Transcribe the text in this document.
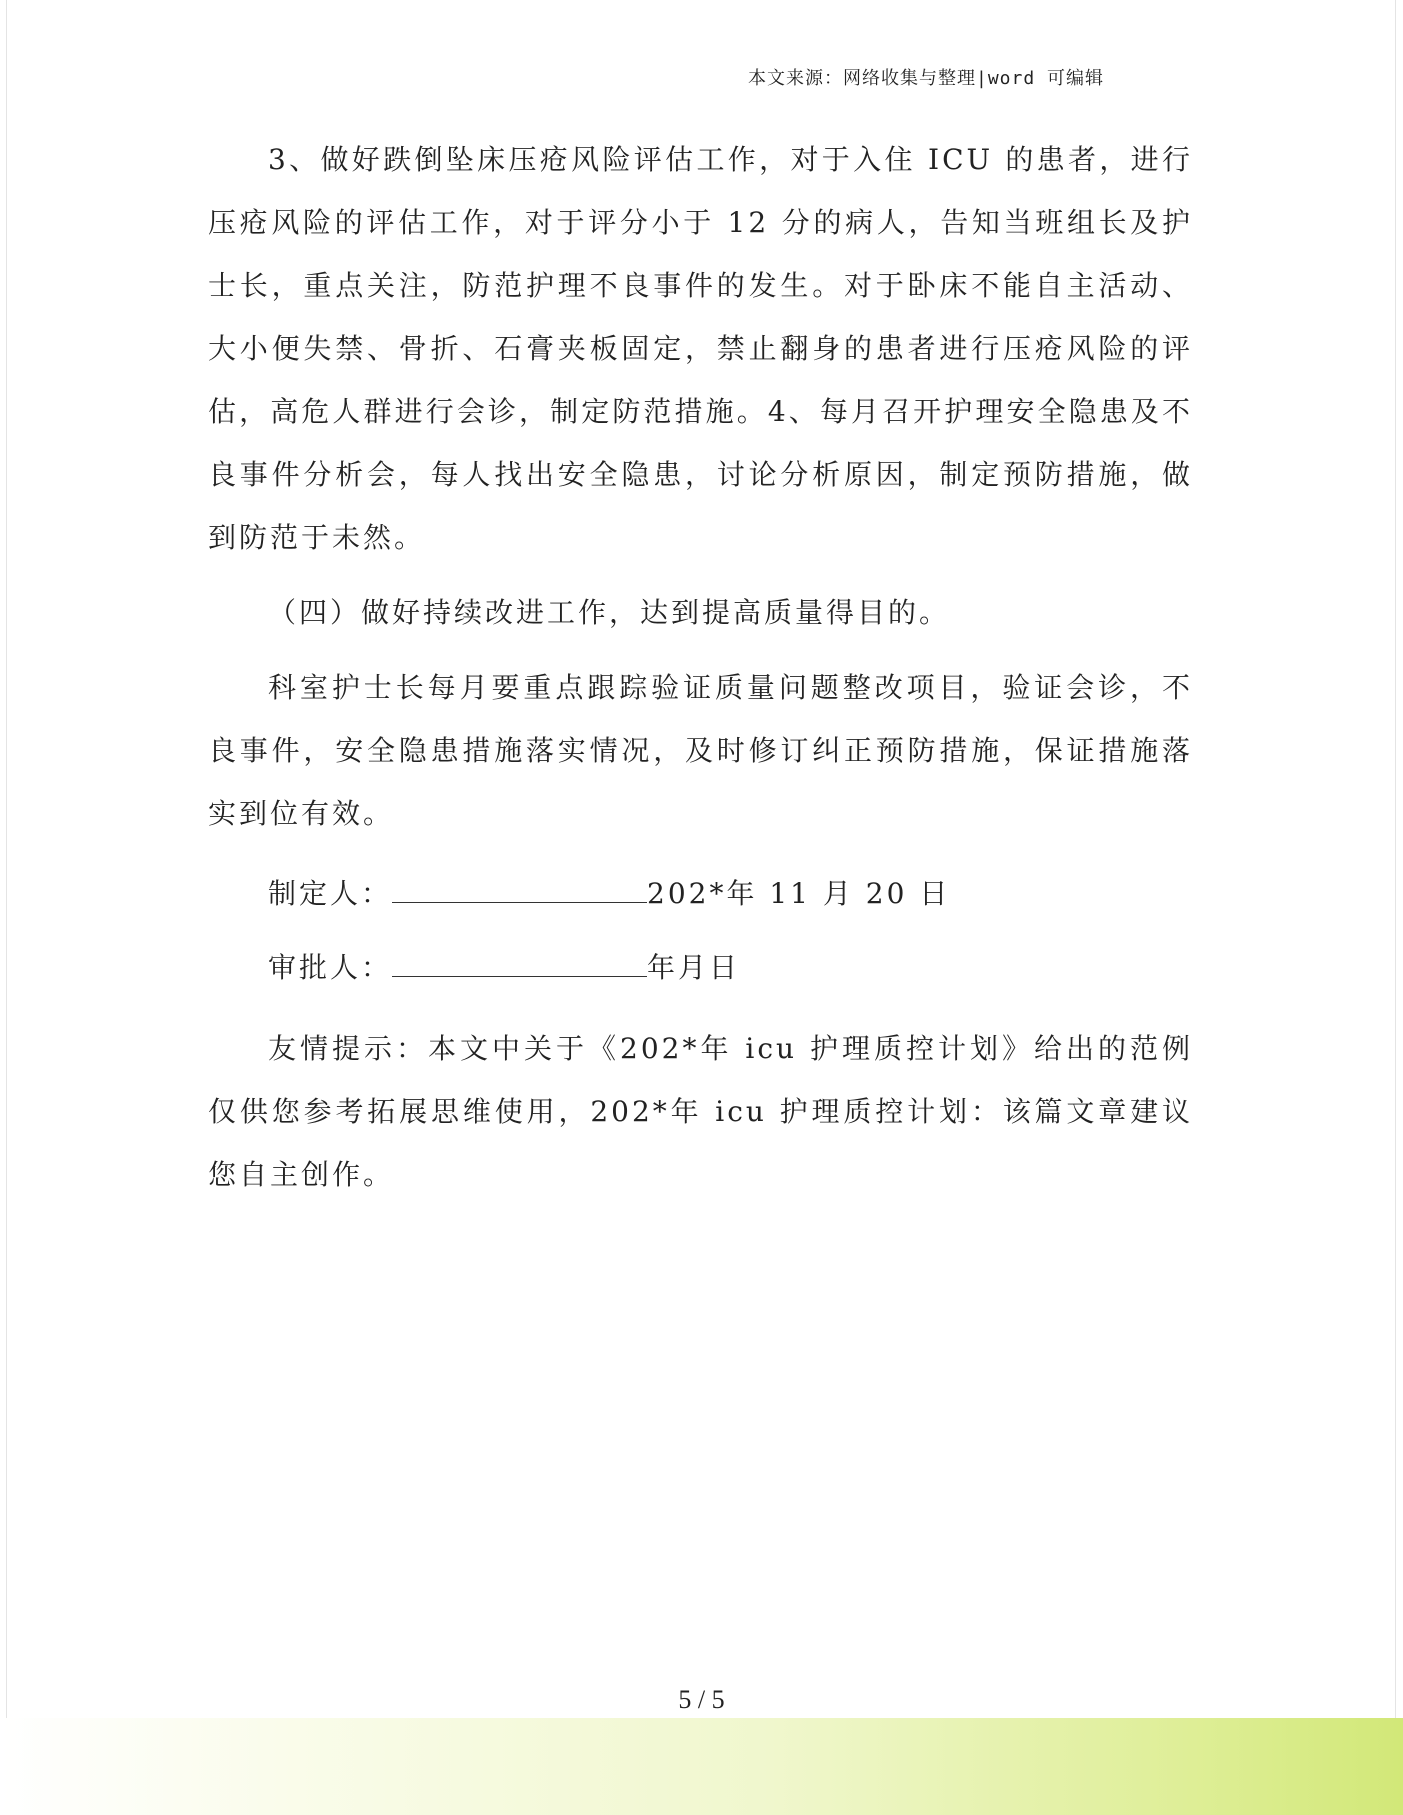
本文来源：网络收集与整理|word 可编辑

3、做好跌倒坠床压疮风险评估工作，对于入住 ICU 的患者，进行压疮风险的评估工作，对于评分小于 12 分的病人，告知当班组长及护士长，重点关注，防范护理不良事件的发生。对于卧床不能自主活动、大小便失禁、骨折、石膏夹板固定，禁止翻身的患者进行压疮风险的评估，高危人群进行会诊，制定防范措施。4、每月召开护理安全隐患及不良事件分析会，每人找出安全隐患，讨论分析原因，制定预防措施，做到防范于未然。

（四）做好持续改进工作，达到提高质量得目的。

科室护士长每月要重点跟踪验证质量问题整改项目，验证会诊，不良事件，安全隐患措施落实情况，及时修订纠正预防措施，保证措施落实到位有效。

制定人：	202*年 11 月 20 日

审批人：	年月日

友情提示：本文中关于《202*年 icu 护理质控计划》给出的范例仅供您参考拓展思维使用，202*年 icu 护理质控计划：该篇文章建议您自主创作。

5 / 5
